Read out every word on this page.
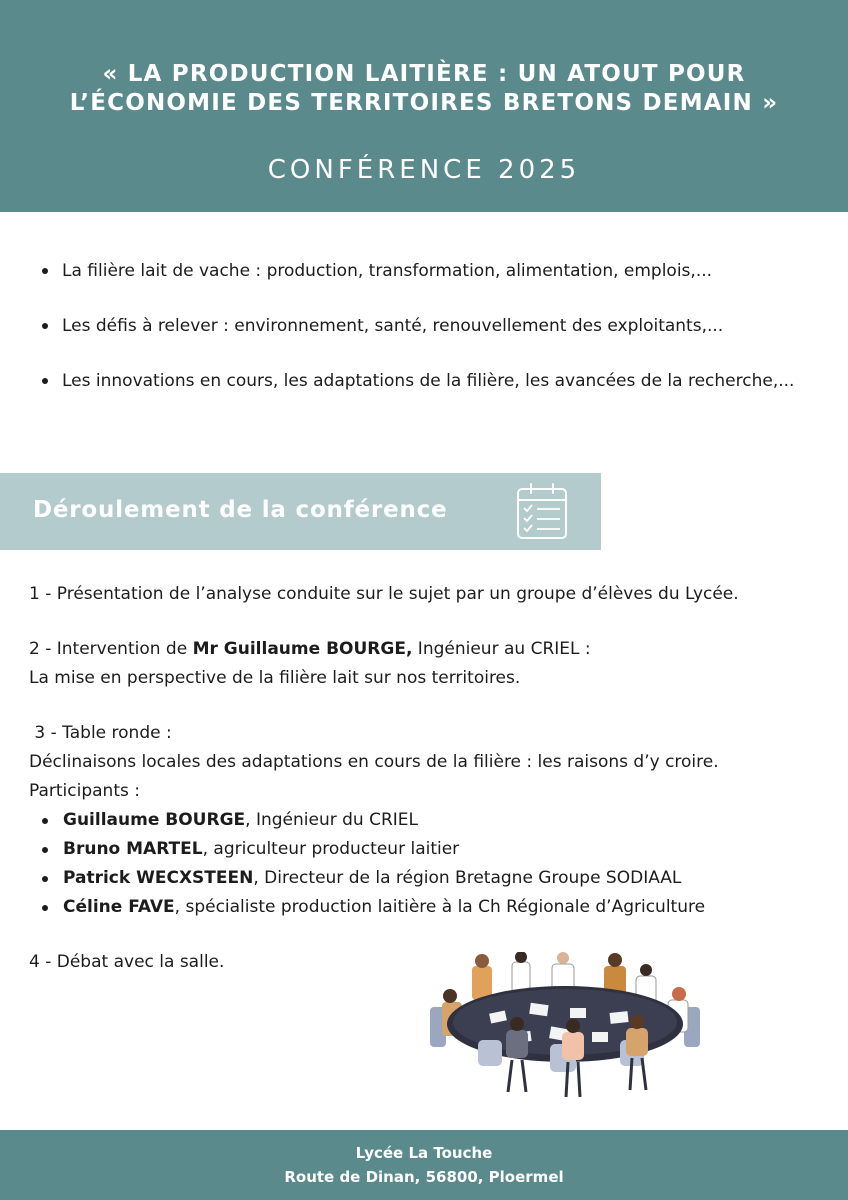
« LA PRODUCTION LAITIÈRE : UN ATOUT POUR L’ÉCONOMIE DES TERRITOIRES BRETONS DEMAIN »
CONFÉRENCE 2025
La filière lait de vache : production, transformation, alimentation, emplois,...
Les défis à relever : environnement, santé, renouvellement des exploitants,...
Les innovations en cours, les adaptations de la filière, les avancées de la recherche,...
Déroulement de la conférence
1 - Présentation de l’analyse conduite sur le sujet par un groupe d’élèves du Lycée.
2 - Intervention de Mr Guillaume BOURGE, Ingénieur au CRIEL :
La mise en perspective de la filière lait sur nos territoires.
3 - Table ronde :
Déclinaisons locales des adaptations en cours de la filière : les raisons d’y croire.
Participants :
Guillaume BOURGE, Ingénieur du CRIEL
Bruno MARTEL, agriculteur producteur laitier
Patrick WECXSTEEN, Directeur de la région Bretagne Groupe SODIAAL
Céline FAVE, spécialiste production laitière à la Ch Régionale d’Agriculture
4 - Débat avec la salle.
Lycée La Touche
Route de Dinan, 56800, Ploermel
